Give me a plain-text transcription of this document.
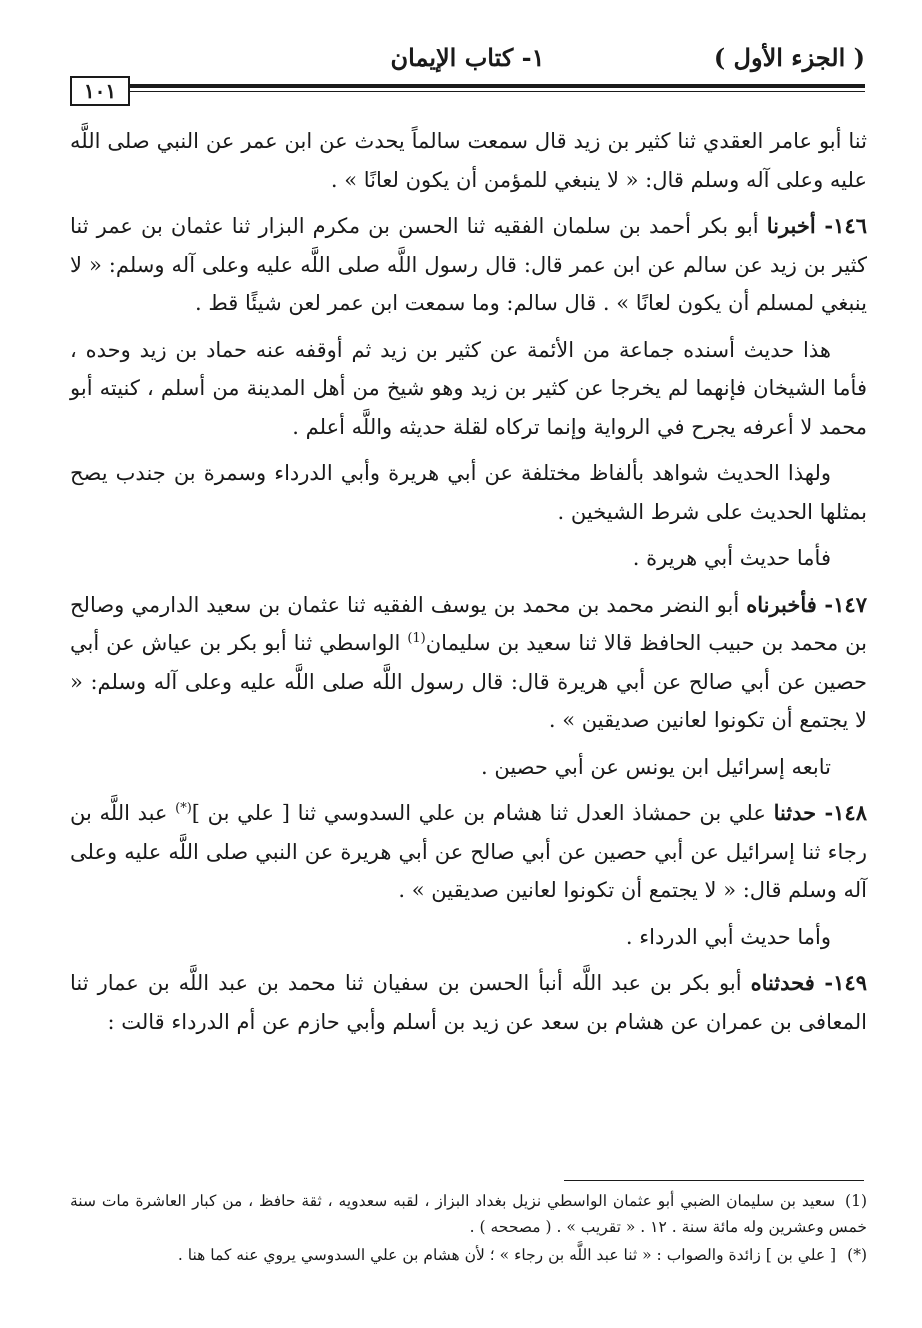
( الجزء الأول )
١- كتاب الإيمان
١٠١

ثنا أبو عامر العقدي ثنا كثير بن زيد قال سمعت سالماً يحدث عن ابن عمر عن النبي صلى اللَّه عليه وعلى آله وسلم قال: « لا ينبغي للمؤمن أن يكون لعانًا » .

١٤٦- أخبرنا أبو بكر أحمد بن سلمان الفقيه ثنا الحسن بن مكرم البزار ثنا عثمان بن عمر ثنا كثير بن زيد عن سالم عن ابن عمر قال: قال رسول اللَّه صلى اللَّه عليه وعلى آله وسلم: « لا ينبغي لمسلم أن يكون لعانًا » . قال سالم: وما سمعت ابن عمر لعن شيئًا قط .

هذا حديث أسنده جماعة من الأئمة عن كثير بن زيد ثم أوقفه عنه حماد بن زيد وحده ، فأما الشيخان فإنهما لم يخرجا عن كثير بن زيد وهو شيخ من أهل المدينة من أسلم ، كنيته أبو محمد لا أعرفه يجرح في الرواية وإنما تركاه لقلة حديثه واللَّه أعلم .

ولهذا الحديث شواهد بألفاظ مختلفة عن أبي هريرة وأبي الدرداء وسمرة بن جندب يصح بمثلها الحديث على شرط الشيخين .

فأما حديث أبي هريرة .

١٤٧- فأخبرناه أبو النضر محمد بن محمد بن يوسف الفقيه ثنا عثمان بن سعيد الدارمي وصالح بن محمد بن حبيب الحافظ قالا ثنا سعيد بن سليمان$^{(1)}$ الواسطي ثنا أبو بكر بن عياش عن أبي حصين عن أبي صالح عن أبي هريرة قال: قال رسول اللَّه صلى اللَّه عليه وعلى آله وسلم: « لا يجتمع أن تكونوا لعانين صديقين » .

تابعه إسرائيل ابن يونس عن أبي حصين .

١٤٨- حدثنا علي بن حمشاذ العدل ثنا هشام بن علي السدوسي ثنا [ علي بن ](*) عبد اللَّه بن رجاء ثنا إسرائيل عن أبي حصين عن أبي صالح عن أبي هريرة عن النبي صلى اللَّه عليه وعلى آله وسلم قال: « لا يجتمع أن تكونوا لعانين صديقين » .

وأما حديث أبي الدرداء .

١٤٩- فحدثناه أبو بكر بن عبد اللَّه أنبأ الحسن بن سفيان ثنا محمد بن عبد اللَّه بن عمار ثنا المعافى بن عمران عن هشام بن سعد عن زيد بن أسلم وأبي حازم عن أم الدرداء قالت :

(1) سعيد بن سليمان الضبي أبو عثمان الواسطي نزيل بغداد البزاز ، لقبه سعدويه ، ثقة حافظ ، من كبار العاشرة مات سنة خمس وعشرين وله مائة سنة . ١٢ . « تقريب » . ( مصححه ) .

(*) [ علي بن ] زائدة والصواب : « ثنا عبد اللَّه بن رجاء » ؛ لأن هشام بن علي السدوسي يروي عنه كما هنا .
